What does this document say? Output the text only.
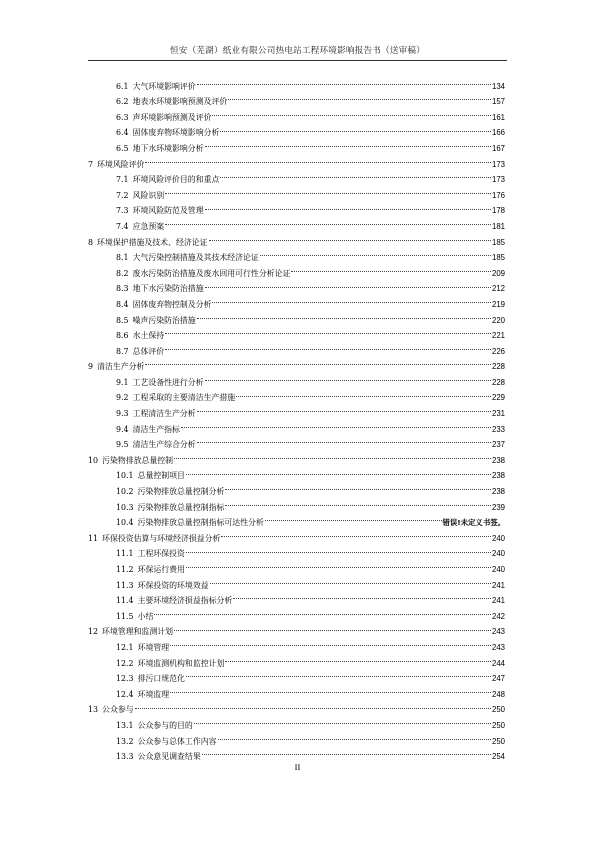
恒安（芜湖）纸业有限公司热电站工程环境影响报告书（送审稿）
6.1 大气环境影响评价	134
6.2 地表水环境影响预测及评价	157
6.3 声环境影响预测及评价	161
6.4 固体废弃物环境影响分析	166
6.5 地下水环境影响分析	167
7 环境风险评价	173
7.1 环境风险评价目的和重点	173
7.2 风险识别	176
7.3 环境风险防范及管理	178
7.4 应急预案	181
8 环境保护措施及技术、经济论证	185
8.1 大气污染控制措施及其技术经济论证	185
8.2 废水污染防治措施及废水回用可行性分析论证	209
8.3 地下水污染防治措施	212
8.4 固体废弃物控制及分析	219
8.5 噪声污染防治措施	220
8.6 水土保持	221
8.7 总体评价	226
9 清洁生产分析	228
9.1 工艺设备性进行分析	228
9.2 工程采取的主要清洁生产措施	229
9.3 工程清洁生产分析	231
9.4 清洁生产指标	233
9.5 清洁生产综合分析	237
10 污染物排放总量控制	238
10.1 总量控制项目	238
10.2 污染物排放总量控制分析	238
10.3 污染物排放总量控制指标	239
10.4 污染物排放总量控制指标可达性分析	错误!未定义书签。
11 环保投资估算与环境经济损益分析	240
11.1 工程环保投资	240
11.2 环保运行费用	240
11.3 环保投资的环境效益	241
11.4 主要环境经济损益指标分析	241
11.5 小结	242
12 环境管理和监测计划	243
12.1 环境管理	243
12.2 环境监测机构和监控计划	244
12.3 排污口规范化	247
12.4 环境监理	248
13 公众参与	250
13.1 公众参与的目的	250
13.2 公众参与总体工作内容	250
13.3 公众意见调查结果	254
II
